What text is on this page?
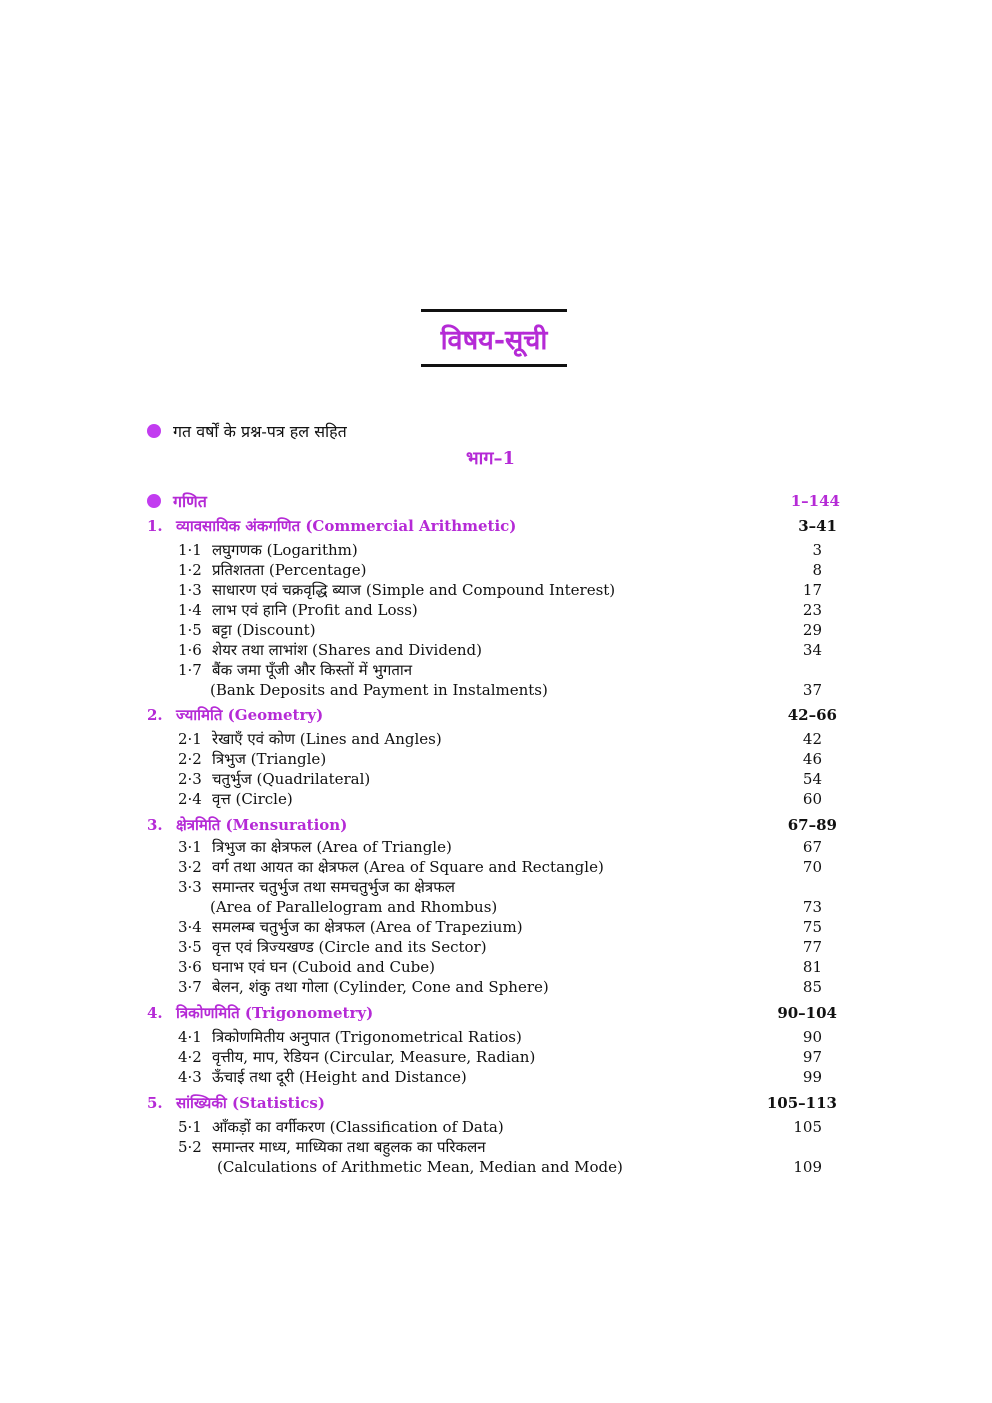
विषय-सूची
गत वर्षों के प्रश्न-पत्र हल सहित
भाग–1
गणित	1–144
1. व्यावसायिक अंकगणित (Commercial Arithmetic)	3–41
1·1 लघुगणक (Logarithm)	3
1·2 प्रतिशतता (Percentage)	8
1·3 साधारण एवं चक्रवृद्धि ब्याज (Simple and Compound Interest)	17
1·4 लाभ एवं हानि (Profit and Loss)	23
1·5 बट्टा (Discount)	29
1·6 शेयर तथा लाभांश (Shares and Dividend)	34
1·7 बैंक जमा पूँजी और किस्तों में भुगतान
(Bank Deposits and Payment in Instalments)	37
2. ज्यामिति (Geometry)	42–66
2·1 रेखाएँ एवं कोण (Lines and Angles)	42
2·2 त्रिभुज (Triangle)	46
2·3 चतुर्भुज (Quadrilateral)	54
2·4 वृत्त (Circle)	60
3. क्षेत्रमिति (Mensuration)	67–89
3·1 त्रिभुज का क्षेत्रफल (Area of Triangle)	67
3·2 वर्ग तथा आयत का क्षेत्रफल (Area of Square and Rectangle)	70
3·3 समान्तर चतुर्भुज तथा समचतुर्भुज का क्षेत्रफल
(Area of Parallelogram and Rhombus)	73
3·4 समलम्ब चतुर्भुज का क्षेत्रफल (Area of Trapezium)	75
3·5 वृत्त एवं त्रिज्यखण्ड (Circle and its Sector)	77
3·6 घनाभ एवं घन (Cuboid and Cube)	81
3·7 बेलन, शंकु तथा गोला (Cylinder, Cone and Sphere)	85
4. त्रिकोणमिति (Trigonometry)	90–104
4·1 त्रिकोणमितीय अनुपात (Trigonometrical Ratios)	90
4·2 वृत्तीय, माप, रेडियन (Circular, Measure, Radian)	97
4·3 ऊँचाई तथा दूरी (Height and Distance)	99
5. सांख्यिकी (Statistics)	105–113
5·1 आँकड़ों का वर्गीकरण (Classification of Data)	105
5·2 समान्तर माध्य, माध्यिका तथा बहुलक का परिकलन
(Calculations of Arithmetic Mean, Median and Mode)	109
